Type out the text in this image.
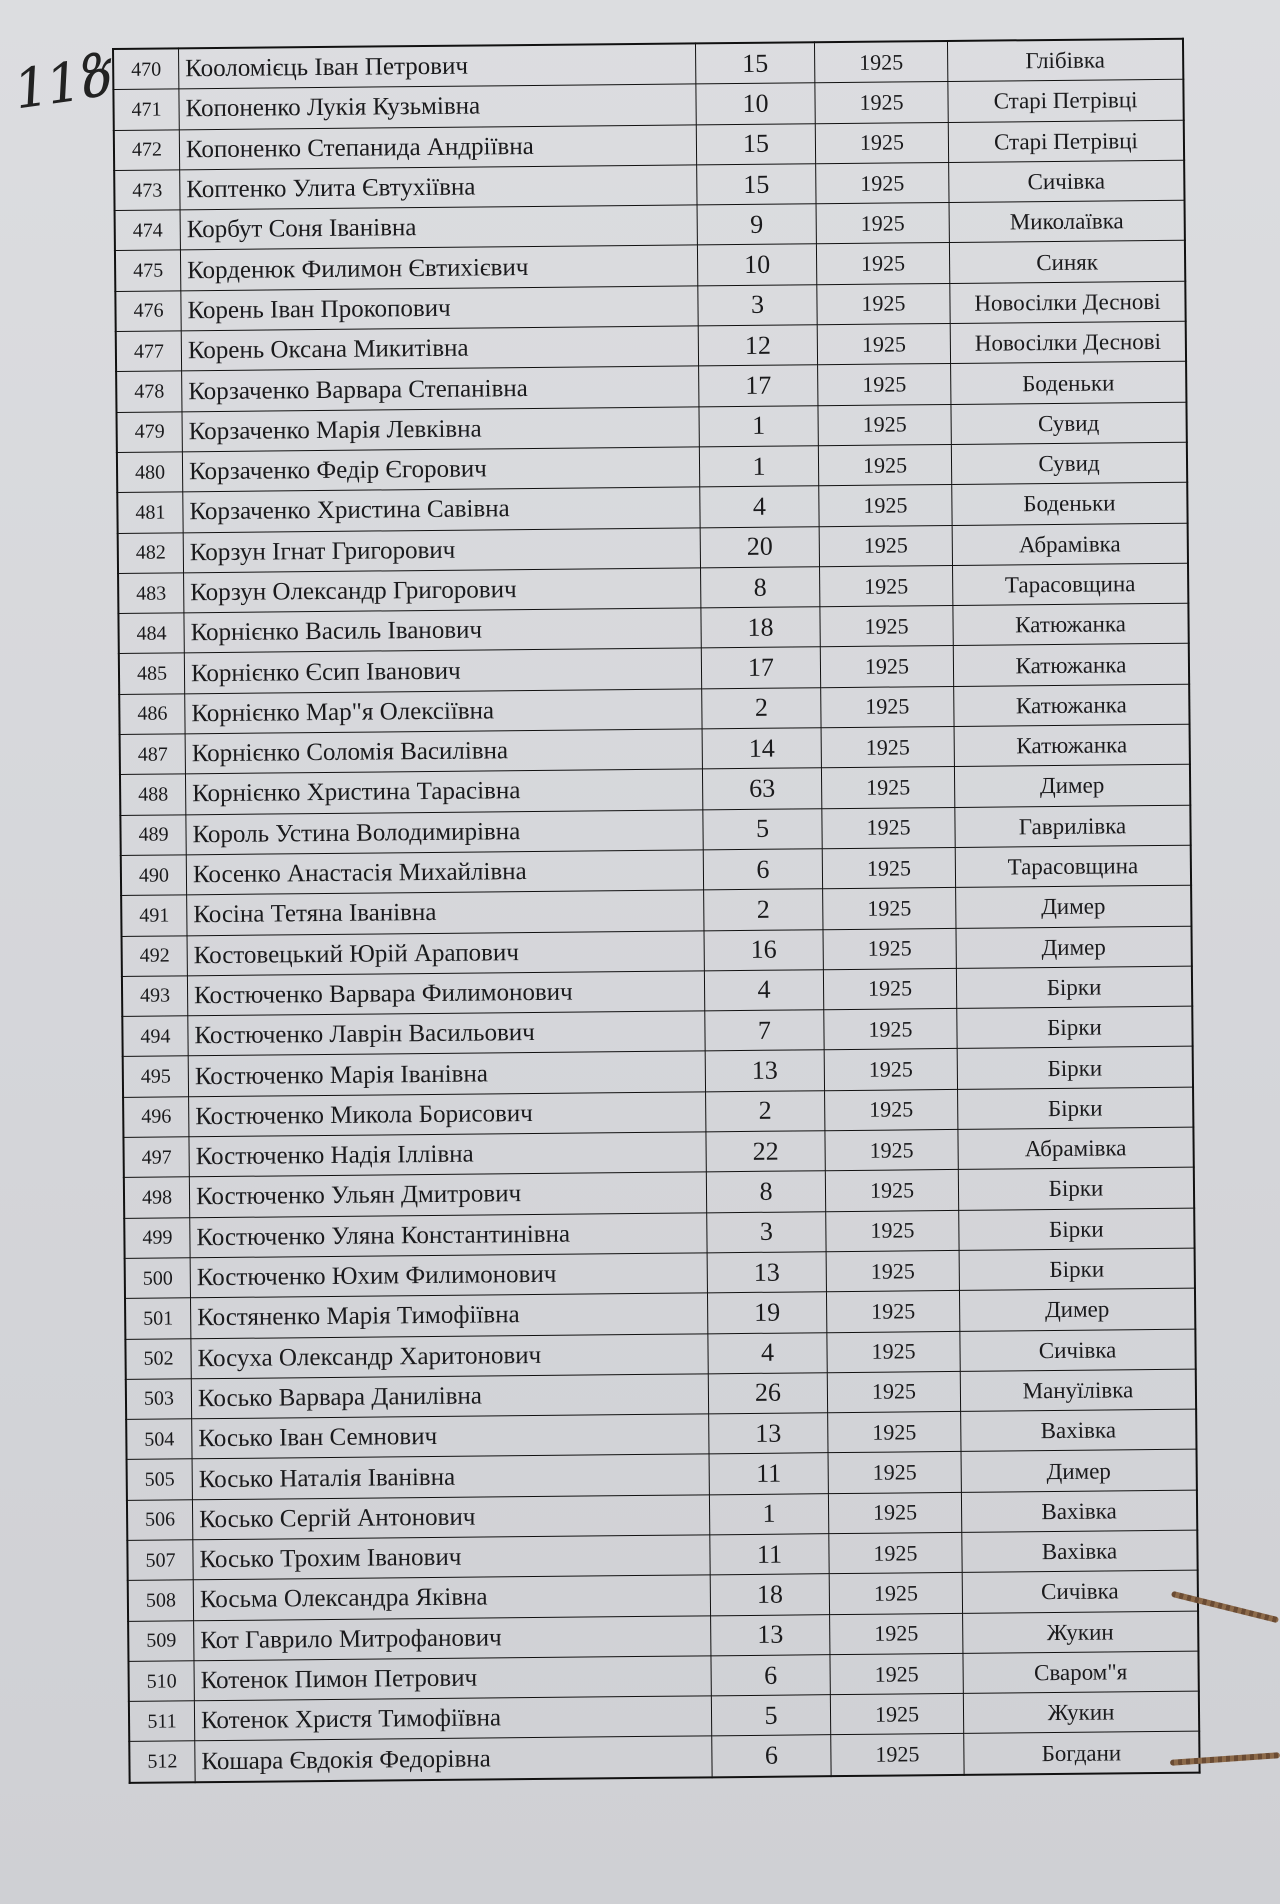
11ზ 470	Кооломієць Іван Петрович	15	1925	Глібівка
471	Копоненко Лукія Кузьмівна	10	1925	Старі Петрівці
472	Копоненко Степанида Андріївна	15	1925	Старі Петрівці
473	Коптенко Улита Євтухіївна	15	1925	Сичівка
474	Корбут Соня Іванівна	9	1925	Миколаївка
475	Корденюк Филимон Євтихієвич	10	1925	Синяк
476	Корень Іван Прокопович	3	1925	Новосілки Деснові
477	Корень Оксана Микитівна	12	1925	Новосілки Деснові
478	Корзаченко Варвара Степанівна	17	1925	Боденьки
479	Корзаченко Марія Левківна	1	1925	Сувид
480	Корзаченко Федір Єгорович	1	1925	Сувид
481	Корзаченко Христина Савівна	4	1925	Боденьки
482	Корзун Ігнат Григорович	20	1925	Абрамівка
483	Корзун Олександр Григорович	8	1925	Тарасовщина
484	Корнієнко Василь Іванович	18	1925	Катюжанка
485	Корнієнко Єсип Іванович	17	1925	Катюжанка
486	Корнієнко Мар"я Олексіївна	2	1925	Катюжанка
487	Корнієнко Соломія Василівна	14	1925	Катюжанка
488	Корнієнко Христина Тарасівна	63	1925	Димер
489	Король Устина Володимирівна	5	1925	Гаврилівка
490	Косенко Анастасія Михайлівна	6	1925	Тарасовщина
491	Косіна Тетяна Іванівна	2	1925	Димер
492	Костовецький Юрій Арапович	16	1925	Димер
493	Костюченко Варвара Филимонович	4	1925	Бірки
494	Костюченко Лаврін Васильович	7	1925	Бірки
495	Костюченко Марія Іванівна	13	1925	Бірки
496	Костюченко Микола Борисович	2	1925	Бірки
497	Костюченко Надія Іллівна	22	1925	Абрамівка
498	Костюченко Ульян Дмитрович	8	1925	Бірки
499	Костюченко Уляна Константинівна	3	1925	Бірки
500	Костюченко Юхим Филимонович	13	1925	Бірки
501	Костяненко Марія Тимофіївна	19	1925	Димер
502	Косуха Олександр Харитонович	4	1925	Сичівка
503	Косько Варвара Данилівна	26	1925	Мануїлівка
504	Косько Іван Семнович	13	1925	Вахівка
505	Косько Наталія Іванівна	11	1925	Димер
506	Косько Сергій Антонович	1	1925	Вахівка
507	Косько Трохим Іванович	11	1925	Вахівка
508	Косьма Олександра Яківна	18	1925	Сичівка
509	Кот Гаврило Митрофанович	13	1925	Жукин
510	Котенок Пимон Петрович	6	1925	Сваром"я
511	Котенок Христя Тимофіївна	5	1925	Жукин
512	Кошара Євдокія Федорівна	6	1925	Богдани
